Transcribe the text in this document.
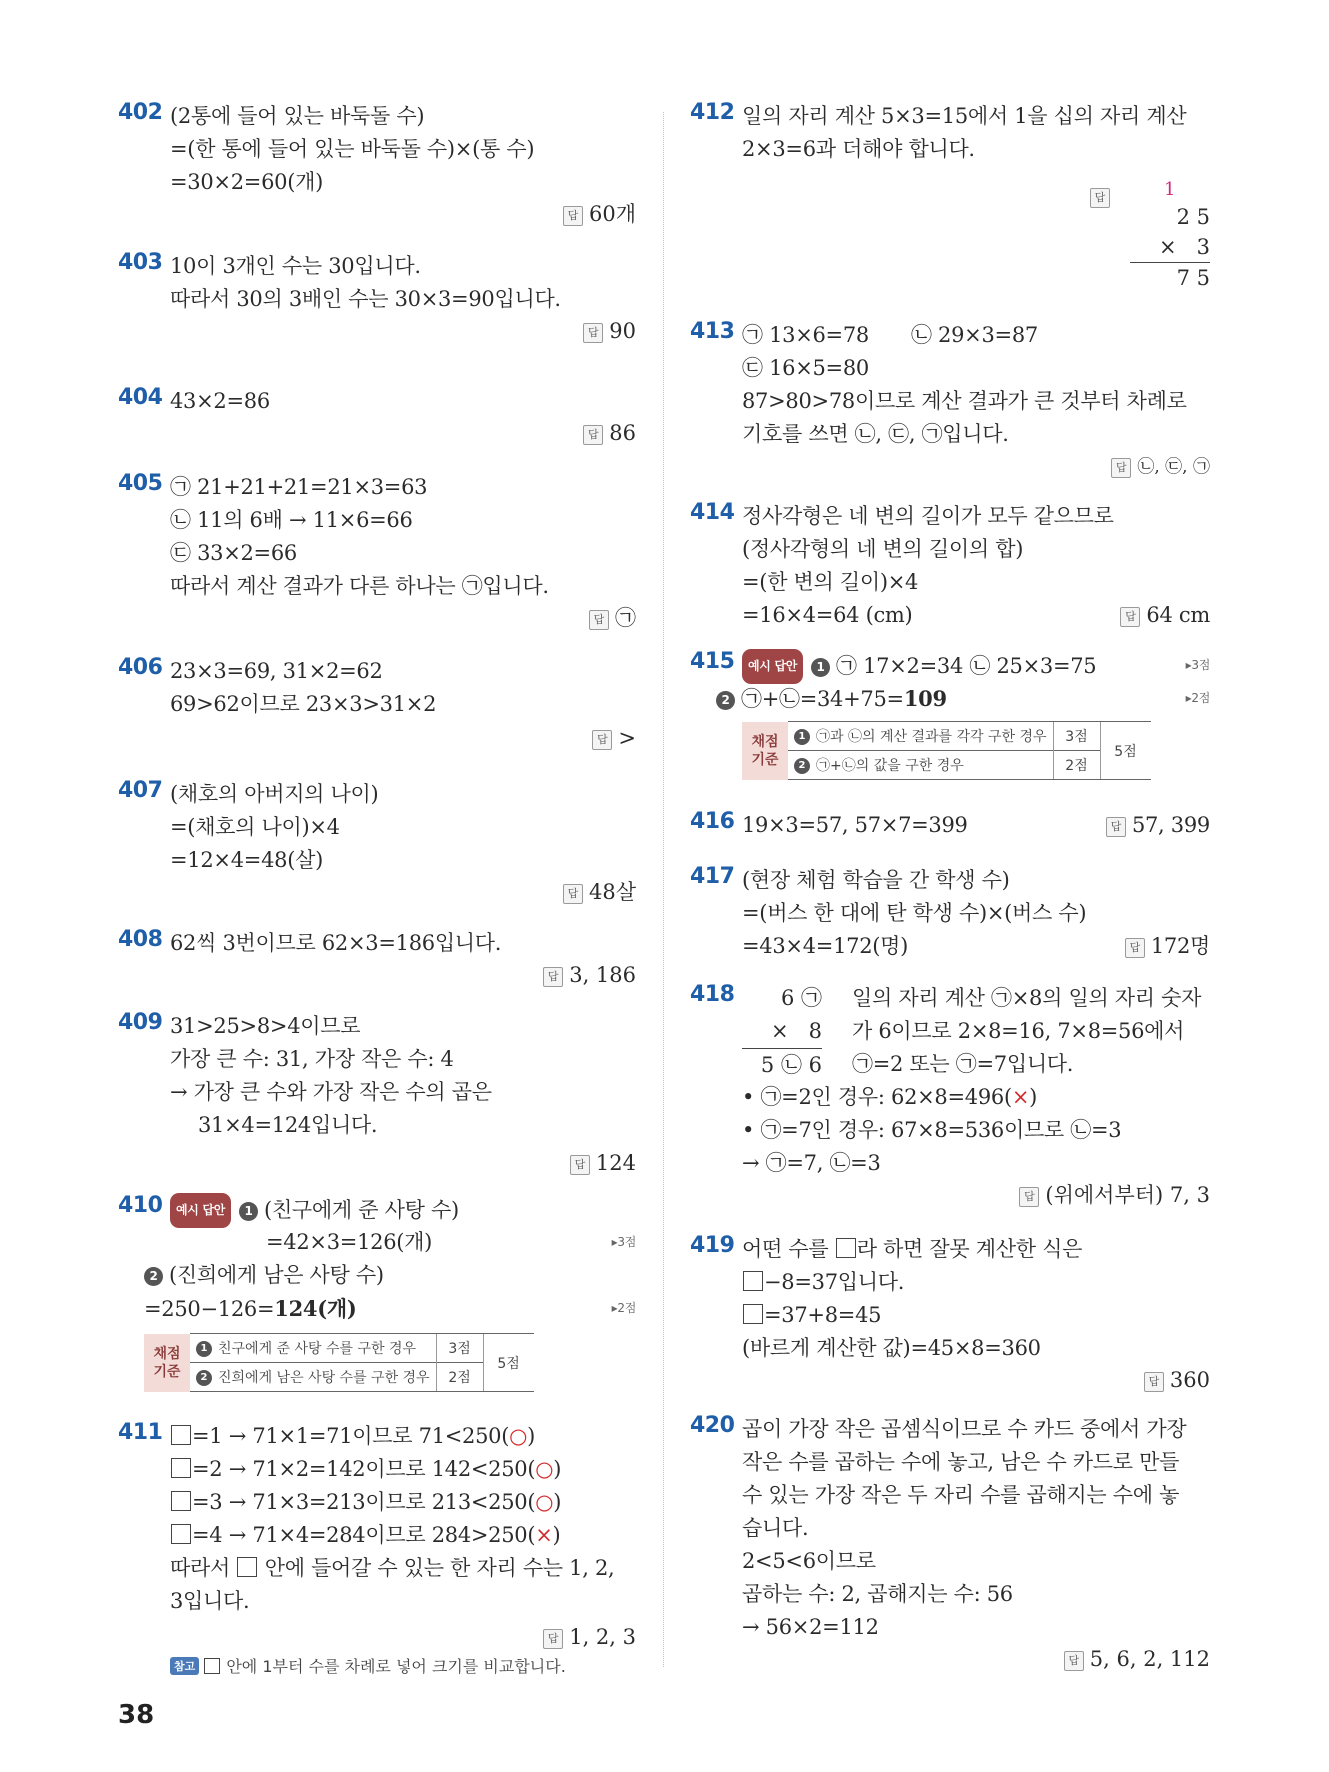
402 (2통에 들어 있는 바둑돌 수)
=(한 통에 들어 있는 바둑돌 수)×(통 수)
=30×2=60(개)
답 60개
403 10이 3개인 수는 30입니다.
따라서 30의 3배인 수는 30×3=90입니다.
답 90
404 43×2=86
답 86
405 ㉠ 21+21+21=21×3=63
㉡ 11의 6배 → 11×6=66
㉢ 33×2=66
따라서 계산 결과가 다른 하나는 ㉠입니다.
답 ㉠
406 23×3=69, 31×2=62
69>62이므로 23×3>31×2
답 >
407 (채호의 아버지의 나이)
=(채호의 나이)×4
=12×4=48(살)
답 48살
408 62씩 3번이므로 62×3=186입니다.
답 3, 186
409 31>25>8>4이므로
가장 큰 수: 31, 가장 작은 수: 4
→ 가장 큰 수와 가장 작은 수의 곱은
31×4=124입니다.
답 124
410	예시 답안 1 (친구에게 준 사탕 수)
=42×3=126(개)	▸3점
2 (진희에게 남은 사탕 수)
=250−126=124(개)	▸2점
채점
기준	1 친구에게 준 사탕 수를 구한 경우	3점	5점
	2 진희에게 남은 사탕 수를 구한 경우	2점	
411	=1 → 71×1=71이므로 71<250(○)
=2 → 71×2=142이므로 142<250(○)
=3 → 71×3=213이므로 213<250(○)
=4 → 71×4=284이므로 284>250(×)
따라서  안에 들어갈 수 있는 한 자리 수는 1, 2,
3입니다.
답 1, 2, 3
참고 안에 1부터 수를 차례로 넣어 크기를 비교합니다.
412 일의 자리 계산 5×3=15에서 1을 십의 자리 계산
2×3=6과 더해야 합니다.
답	1
2 5
×   3
7 5
413 ㉠ 13×6=78 ㉡ 29×3=87
㉢ 16×5=80
87>80>78이므로 계산 결과가 큰 것부터 차례로
기호를 쓰면 ㉡, ㉢, ㉠입니다.
답 ㉡, ㉢, ㉠
414 정사각형은 네 변의 길이가 모두 같으므로
(정사각형의 네 변의 길이의 합)
=(한 변의 길이)×4
=16×4=64 (cm)	답 64 cm
415	예시 답안 1 ㉠ 17×2=34 ㉡ 25×3=75	▸3점
2 ㉠+㉡=34+75=109	▸2점
채점
기준	1 ㉠과 ㉡의 계산 결과를 각각 구한 경우	3점	5점
	2 ㉠+㉡의 값을 구한 경우	2점	
416 19×3=57, 57×7=399	답 57, 399
417 (현장 체험 학습을 간 학생 수)
=(버스 한 대에 탄 학생 수)×(버스 수)
=43×4=172(명)	답 172명
418	6 ㉠
×   8
5 ㉡ 6
일의 자리 계산 ㉠×8의 일의 자리 숫자
가 6이므로 2×8=16, 7×8=56에서
㉠=2 또는 ㉠=7입니다.
• ㉠=2인 경우: 62×8=496(×)
• ㉠=7인 경우: 67×8=536이므로 ㉡=3
→ ㉠=7, ㉡=3
답 (위에서부터) 7, 3
419 어떤 수를 라 하면 잘못 계산한 식은
−8=37입니다.
=37+8=45
(바르게 계산한 값)=45×8=360
답 360
420 곱이 가장 작은 곱셈식이므로 수 카드 중에서 가장
작은 수를 곱하는 수에 놓고, 남은 수 카드로 만들
수 있는 가장 작은 두 자리 수를 곱해지는 수에 놓
습니다.
2<5<6이므로
곱하는 수: 2, 곱해지는 수: 56
→ 56×2=112
답 5, 6, 2, 112
38
